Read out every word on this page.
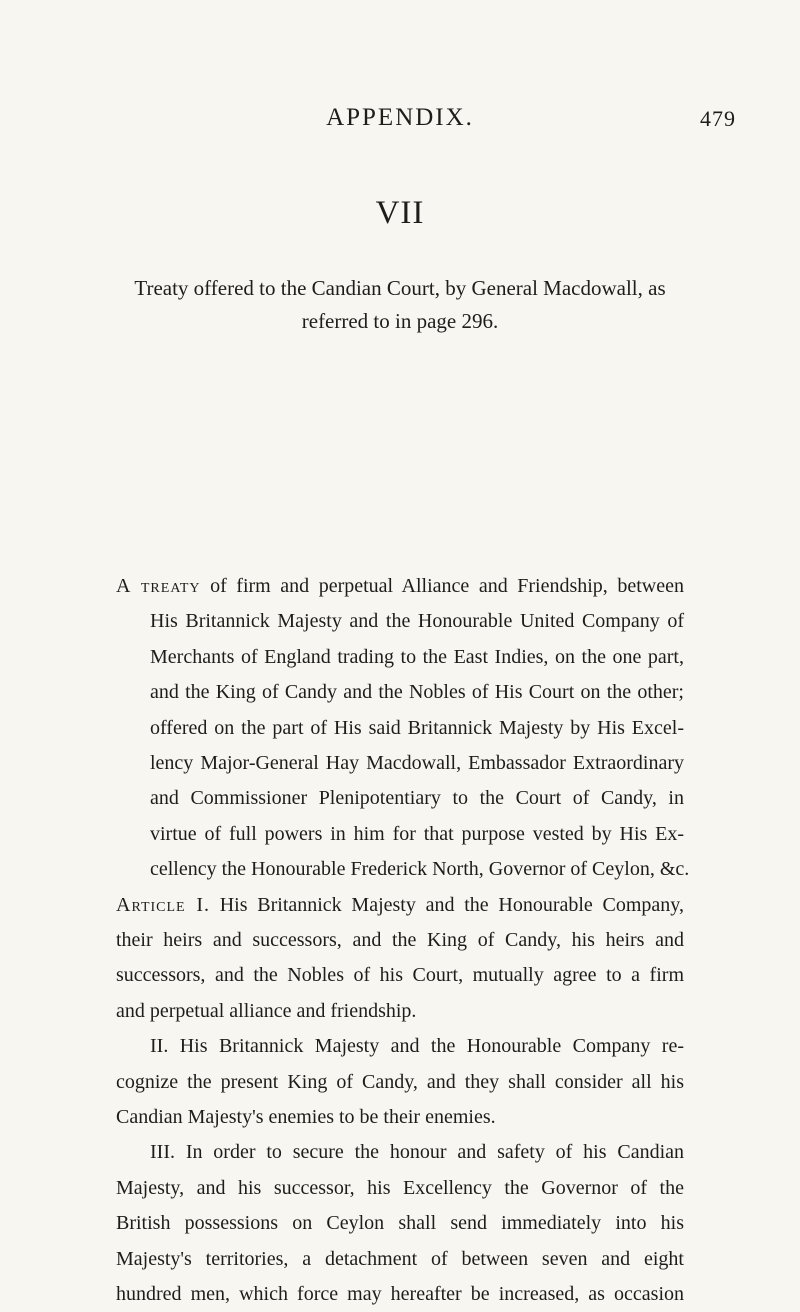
APPENDIX.	479
VII
Treaty offered to the Candian Court, by General Macdowall, as
referred to in page 296.
A treaty of firm and perpetual Alliance and Friendship, between
His Britannick Majesty and the Honourable United Company of
Merchants of England trading to the East Indies, on the one part,
and the King of Candy and the Nobles of His Court on the other;
offered on the part of His said Britannick Majesty by His Excel-
lency Major-General Hay Macdowall, Embassador Extraordinary
and Commissioner Plenipotentiary to the Court of Candy, in
virtue of full powers in him for that purpose vested by His Ex-
cellency the Honourable Frederick North, Governor of Ceylon, &c.
Article I. His Britannick Majesty and the Honourable Company,
their heirs and successors, and the King of Candy, his heirs and
successors, and the Nobles of his Court, mutually agree to a firm
and perpetual alliance and friendship.
II. His Britannick Majesty and the Honourable Company re-
cognize the present King of Candy, and they shall consider all his
Candian Majesty's enemies to be their enemies.
III. In order to secure the honour and safety of his Candian
Majesty, and his successor, his Excellency the Governor of the
British possessions on Ceylon shall send immediately into his
Majesty's territories, a detachment of between seven and eight
hundred men, which force may hereafter be increased, as occasion
